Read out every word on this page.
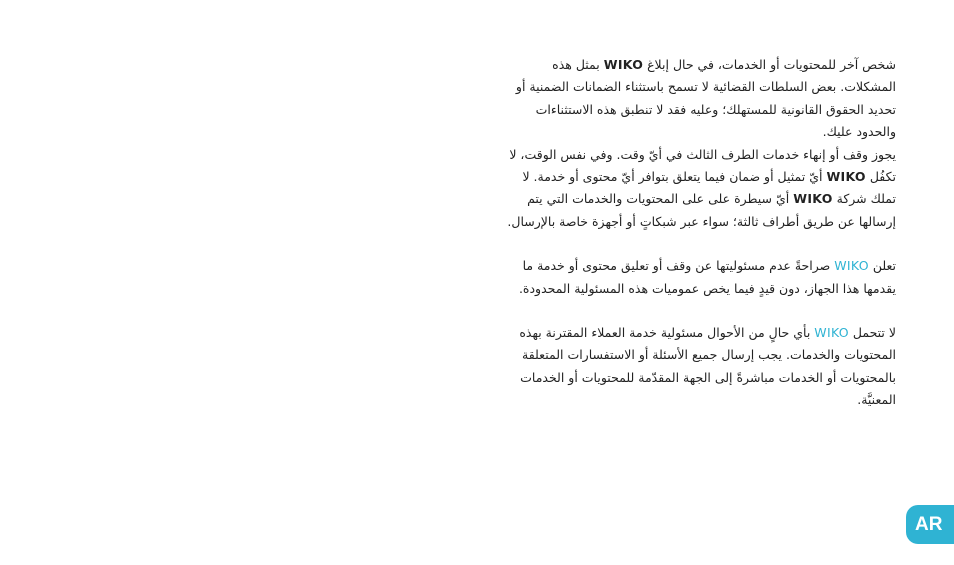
شخص آخر للمحتويات أو الخدمات، في حال إبلاغ WIKO بمثل هذه المشكلات. بعض السلطات القضائية لا تسمح باستثناء الضمانات الضمنية أو تحديد الحقوق القانونية للمستهلك؛ وعليه فقد لا تنطبق هذه الاستثناءات والحدود عليك.

يجوز وقف أو إنهاء خدمات الطرف الثالث في أيّ وقت. وفي نفس الوقت، لا تكفُل WIKO أيّ تمثيل أو ضمان فيما يتعلق بتوافر أيّ محتوى أو خدمة. لا تملك شركة WIKO أيّ سيطرة على على المحتويات والخدمات التي يتم إرسالها عن طريق أطراف ثالثة؛ سواء عبر شبكاتٍ أو أجهزة خاصة بالإرسال.

تعلن WIKO صراحةً عدم مسئوليتها عن وقف أو تعليق محتوى أو خدمة ما يقدمها هذا الجهاز، دون قيدٍ فيما يخص عموميات هذه المسئولية المحدودة.

لا تتحمل WIKO بأي حالٍ من الأحوال مسئولية خدمة العملاء المقترنة بهذه المحتويات والخدمات. يجب إرسال جميع الأسئلة أو الاستفسارات المتعلقة بالمحتويات أو الخدمات مباشرةً إلى الجهة المقدّمة للمحتويات أو الخدمات المعنيَّة.

AR
